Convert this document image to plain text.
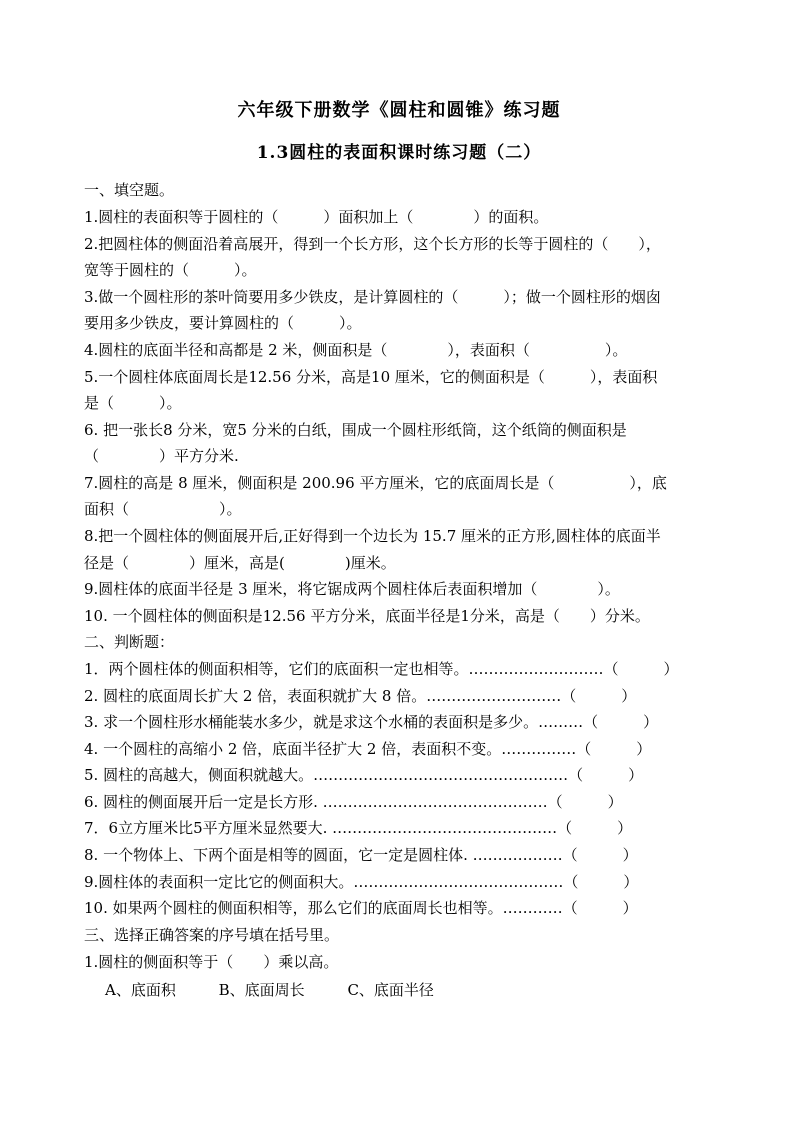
六年级下册数学《圆柱和圆锥》练习题
1.3圆柱的表面积课时练习题（二）
一、填空题。
1.圆柱的表面积等于圆柱的（　　　）面积加上（　　　　）的面积。
2.把圆柱体的侧面沿着高展开，得到一个长方形，这个长方形的长等于圆柱的（　　），
宽等于圆柱的（　　　）。
3.做一个圆柱形的茶叶筒要用多少铁皮，是计算圆柱的（　　　）；做一个圆柱形的烟囱
要用多少铁皮，要计算圆柱的（　　　）。
4.圆柱的底面半径和高都是 2 米，侧面积是（　　　　），表面积（　　　　　）。
5.一个圆柱体底面周长是12.56 分米，高是10 厘米，它的侧面积是（　　　），表面积
是（　　　）。
6. 把一张长8 分米，宽5 分米的白纸，围成一个圆柱形纸筒，这个纸筒的侧面积是
（　　　　）平方分米.
7.圆柱的高是 8 厘米，侧面积是 200.96 平方厘米，它的底面周长是（　　　　　），底
面积（　　　　　　）。
8.把一个圆柱体的侧面展开后,正好得到一个边长为 15.7 厘米的正方形,圆柱体的底面半
径是（　　　　）厘米，高是(　　　　)厘米。
9.圆柱体的底面半径是 3 厘米，将它锯成两个圆柱体后表面积增加（　　　　）。
10. 一个圆柱体的侧面积是12.56 平方分米，底面半径是1分米，高是（　　）分米。
二、判断题：
1．两个圆柱体的侧面积相等，它们的底面积一定也相等。………………………（　　　）
2. 圆柱的底面周长扩大 2 倍，表面积就扩大 8 倍。………………………（　　　）
3. 求一个圆柱形水桶能装水多少，就是求这个水桶的表面积是多少。………（　　　）
4. 一个圆柱的高缩小 2 倍，底面半径扩大 2 倍，表面积不变。……………（　　　）
5. 圆柱的高越大，侧面积就越大。……………………………………………（　　　）
6. 圆柱的侧面展开后一定是长方形. ………………………………………（　　　）
7．6立方厘米比5平方厘米显然要大. ………………………………………（　　　）
8. 一个物体上、下两个面是相等的圆面，它一定是圆柱体. ………………（　　　）
9.圆柱体的表面积一定比它的侧面积大。……………………………………（　　　）
10. 如果两个圆柱的侧面积相等，那么它们的底面周长也相等。…………（　　　）
三、选择正确答案的序号填在括号里。
1.圆柱的侧面积等于（　　）乘以高。
A、底面积	B、底面周长	C、底面半径
